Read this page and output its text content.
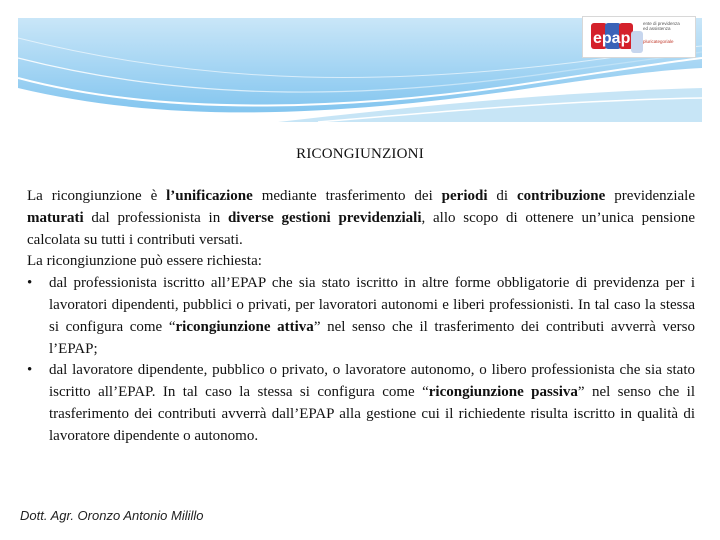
epap
ente di previdenza
ed assistenza
pluricategoriale
RICONGIUNZIONI

La ricongiunzione è l’unificazione mediante trasferimento dei periodi di contribuzione previdenziale maturati dal professionista in diverse gestioni previdenziali, allo scopo di ottenere un’unica pensione calcolata su tutti i contributi versati.

La ricongiunzione può essere richiesta:

• dal professionista iscritto all’EPAP che sia stato iscritto in altre forme obbligatorie di previdenza per i lavoratori dipendenti, pubblici o privati, per lavoratori autonomi e liberi professionisti. In tal caso la stessa si configura come “ricongiunzione attiva” nel senso che il trasferimento dei contributi avverrà verso l’EPAP;
• dal lavoratore dipendente, pubblico o privato, o lavoratore autonomo, o libero professionista che sia stato iscritto all’EPAP. In tal caso la stessa si configura come “ricongiunzione passiva” nel senso che il trasferimento dei contributi avverrà dall’EPAP alla gestione cui il richiedente risulta iscritto in qualità di lavoratore dipendente o autonomo.
Dott. Agr. Oronzo Antonio Milillo
